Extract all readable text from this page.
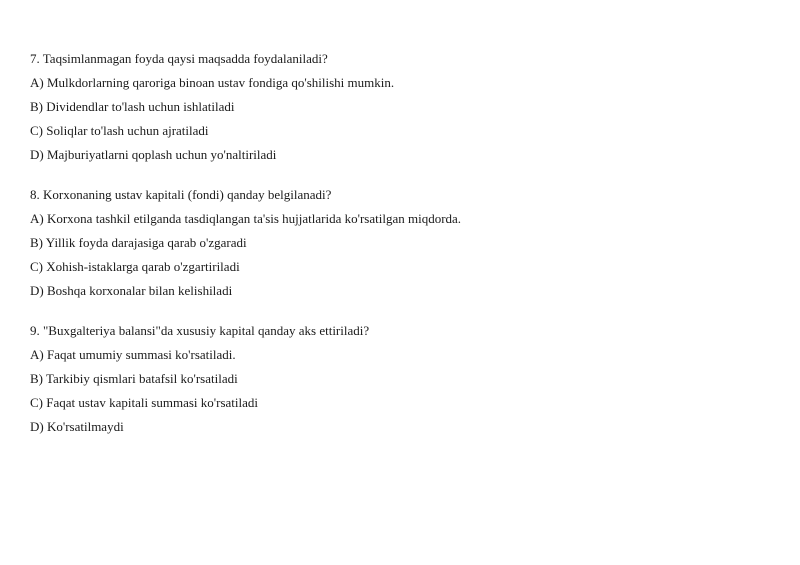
7. Taqsimlanmagan foyda qaysi maqsadda foydalaniladi?
A) Mulkdorlarning qaroriga binoan ustav fondiga qo'shilishi mumkin.
B) Dividendlar to'lash uchun ishlatiladi
C) Soliqlar to'lash uchun ajratiladi
D) Majburiyatlarni qoplash uchun yo'naltiriladi
8. Korxonaning ustav kapitali (fondi) qanday belgilanadi?
A) Korxona tashkil etilganda tasdiqlangan ta'sis hujjatlarida ko'rsatilgan miqdorda.
B) Yillik foyda darajasiga qarab o'zgaradi
C) Xohish-istaklarga qarab o'zgartiriladi
D) Boshqa korxonalar bilan kelishiladi
9. "Buxgalteriya balansi"da xususiy kapital qanday aks ettiriladi?
A) Faqat umumiy summasi ko'rsatiladi.
B) Tarkibiy qismlari batafsil ko'rsatiladi
C) Faqat ustav kapitali summasi ko'rsatiladi
D) Ko'rsatilmaydi
